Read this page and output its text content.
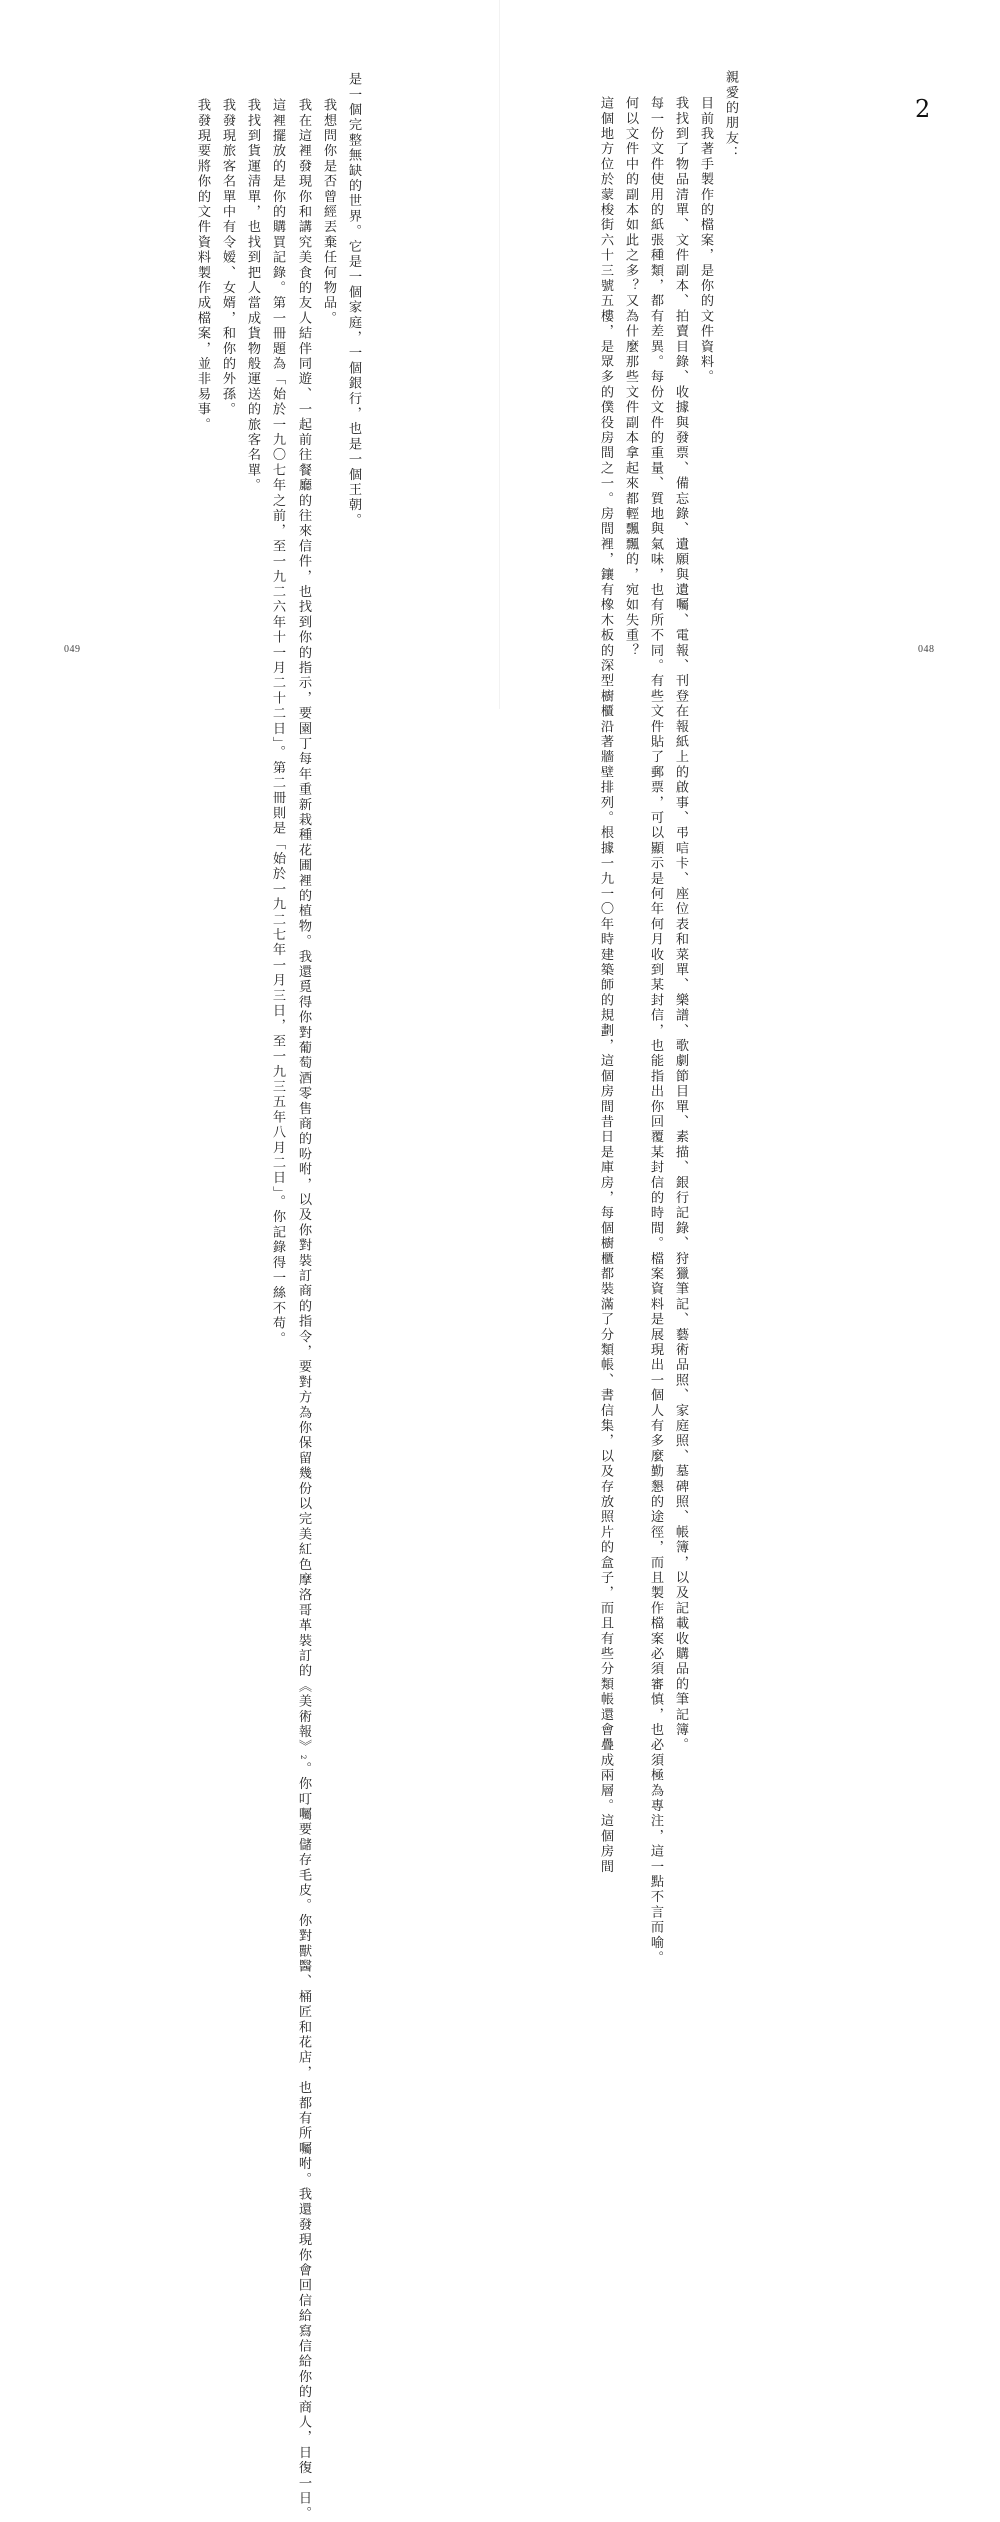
2

親愛的朋友：

目前我著手製作的檔案，是你的文件資料。

我找到了物品清單、文件副本、拍賣目錄、收據與發票、備忘錄、遺願與遺囑、電報、刊登在報紙上的啟事、弔唁卡、座位表和菜單、樂譜、歌劇節目單、素描、銀行記錄、狩獵筆記、藝術品照、家庭照、墓碑照、帳簿，以及記載收購品的筆記簿。

每一份文件使用的紙張種類，都有差異。每份文件的重量、質地與氣味，也有所不同。有些文件貼了郵票，可以顯示是何年何月收到某封信，也能指出你回覆某封信的時間。檔案資料是展現出一個人有多麼勤懇的途徑，而且製作檔案必須審慎，也必須極為專注，這一點不言而喻。

何以文件中的副本如此之多？又為什麼那些文件副本拿起來都輕飄飄的，宛如失重？

這個地方位於蒙梭街六十三號五樓，是眾多的僕役房間之一。房間裡，鑲有橡木板的深型櫥櫃沿著牆壁排列。根據一九一〇年時建築師的規劃，這個房間昔日是庫房，每個櫥櫃都裝滿了分類帳、書信集，以及存放照片的盒子，而且有些分類帳還會疊成兩層。這個房間

是一個完整無缺的世界。它是一個家庭，一個銀行，也是一個王朝。

我想問你是否曾經丟棄任何物品。

我在這裡發現你和講究美食的友人結伴同遊、一起前往餐廳的往來信件，也找到你的指示，要園丁每年重新栽種花圃裡的植物。我還覓得你對葡萄酒零售商的吩咐，以及你對裝訂商的指令，要對方為你保留幾份以完美紅色摩洛哥革裝訂的《美術報》2。你叮囑要儲存毛皮。你對獸醫、桶匠和花店，也都有所囑咐。我還發現你會回信給寫信給你的商人，日復一日。

這裡擺放的是你的購買記錄。第一冊題為「始於一九〇七年之前，至一九二六年十一月二十二日」。第二冊則是「始於一九二七年一月三日，至一九三五年八月二日」。你記錄得一絲不苟。

我找到貨運清單，也找到把人當成貨物般運送的旅客名單。

我發現旅客名單中有令嫒、女婿，和你的外孫。

我發現要將你的文件資料製作成檔案，並非易事。

049	048
